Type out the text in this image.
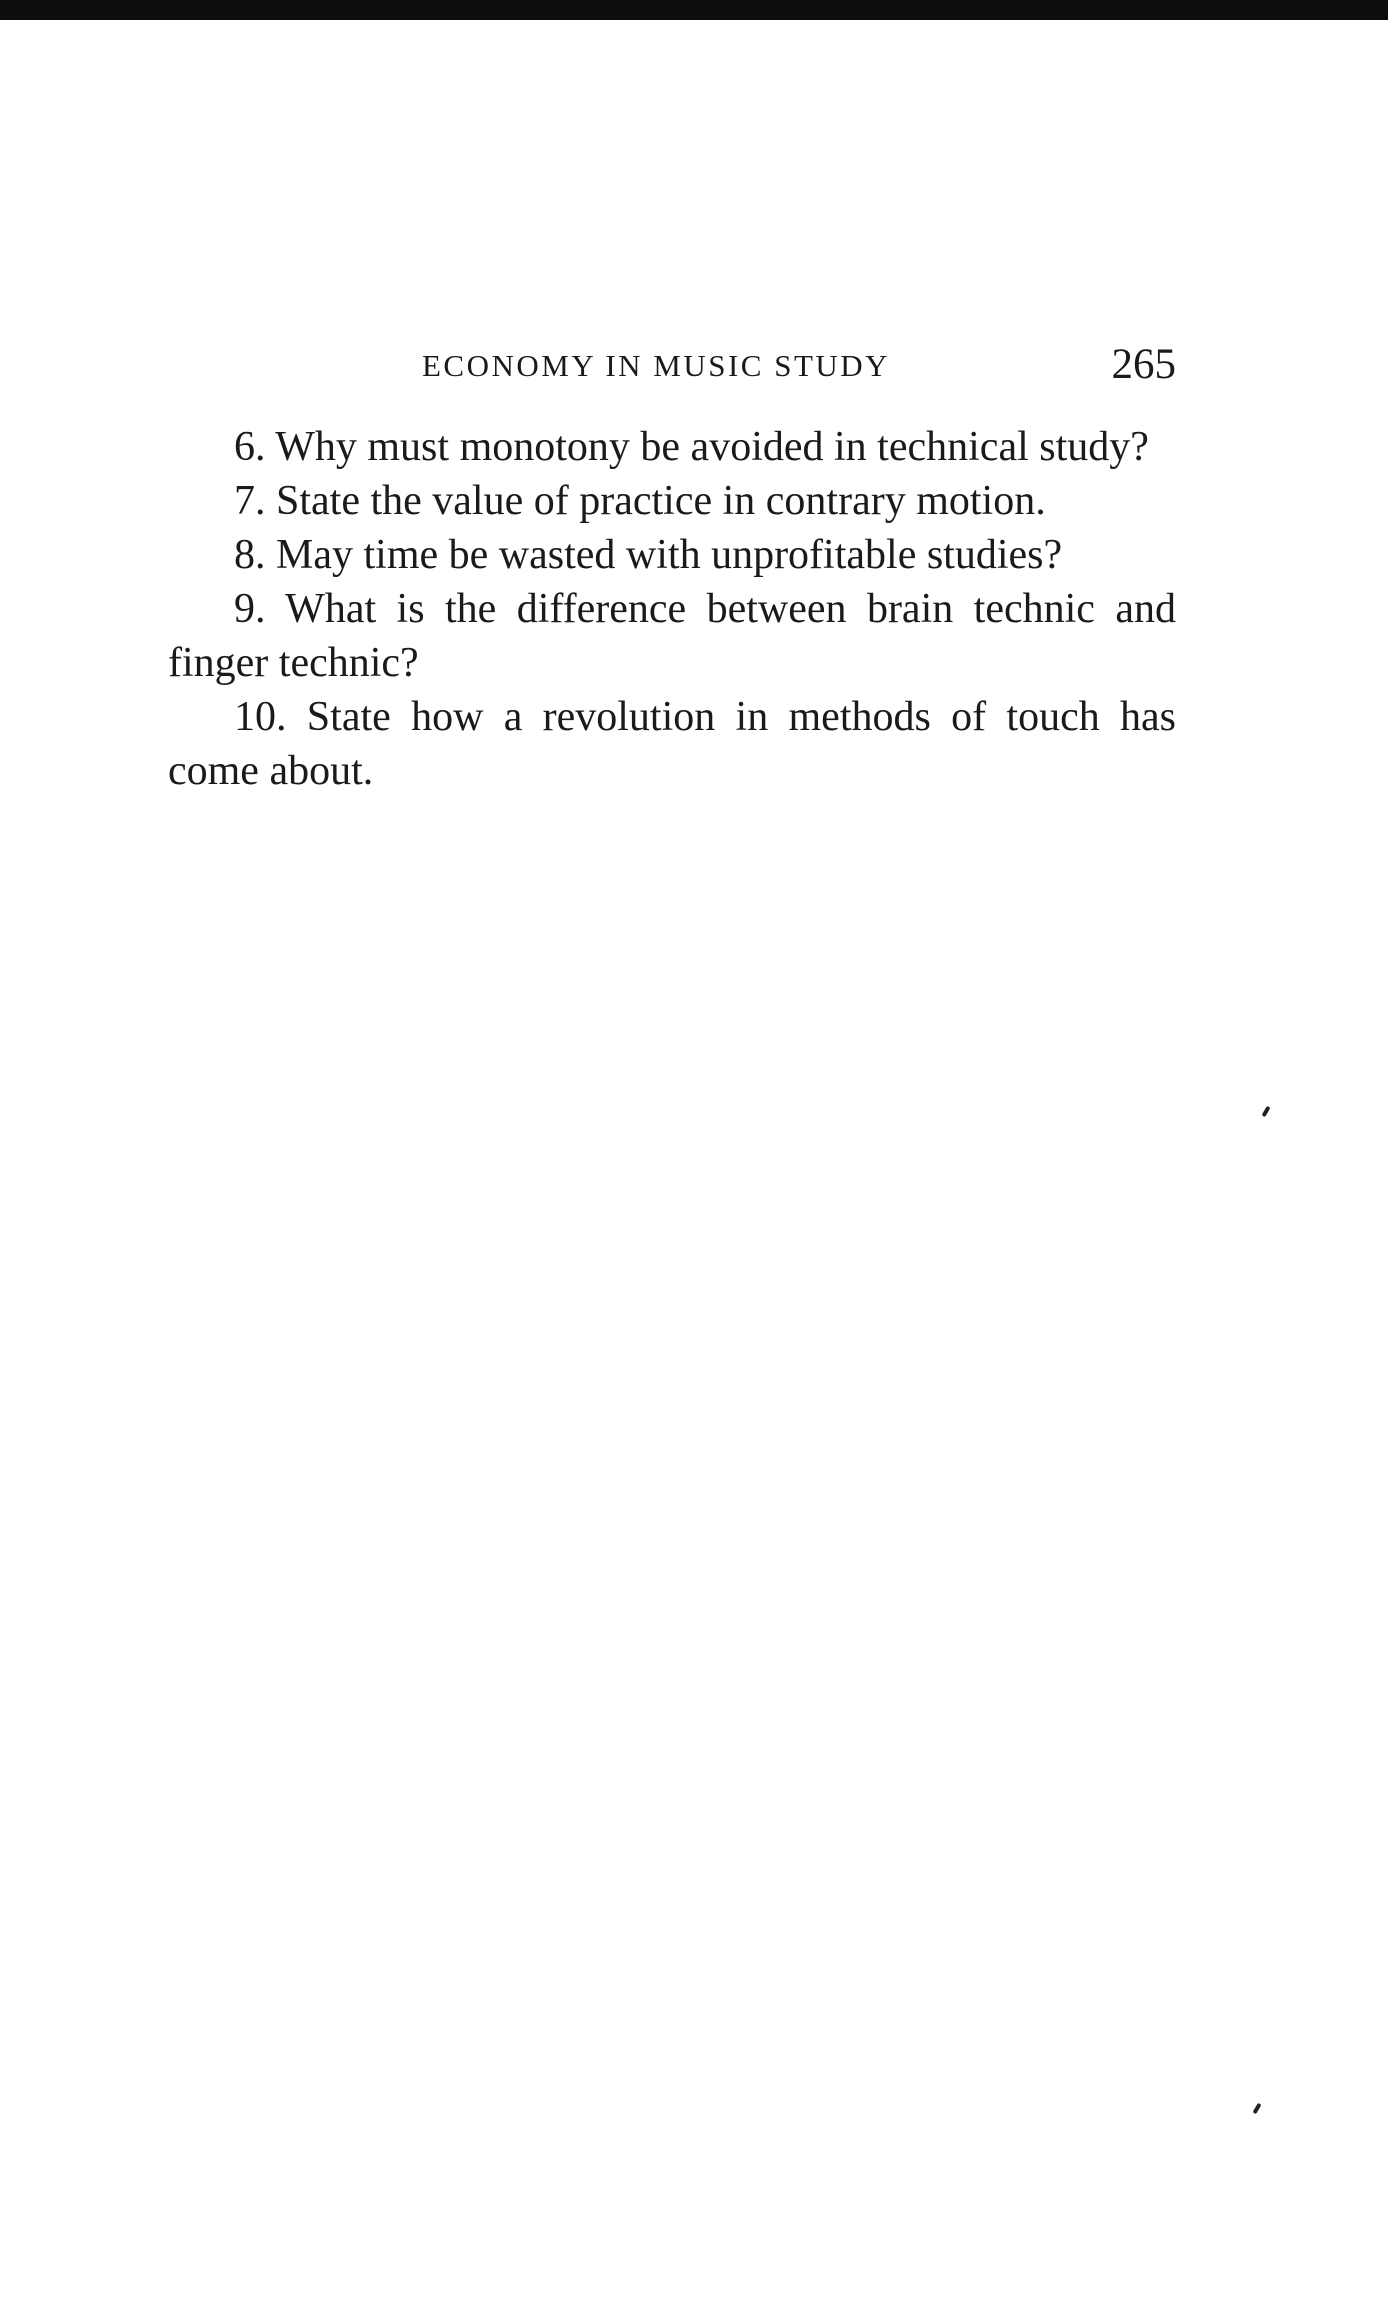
ECONOMY IN MUSIC STUDY	265
6. Why must monotony be avoided in technical study?
7. State the value of practice in contrary motion.
8. May time be wasted with unprofitable studies?
9. What is the difference between brain technic and finger technic?
10. State how a revolution in methods of touch has come about.
